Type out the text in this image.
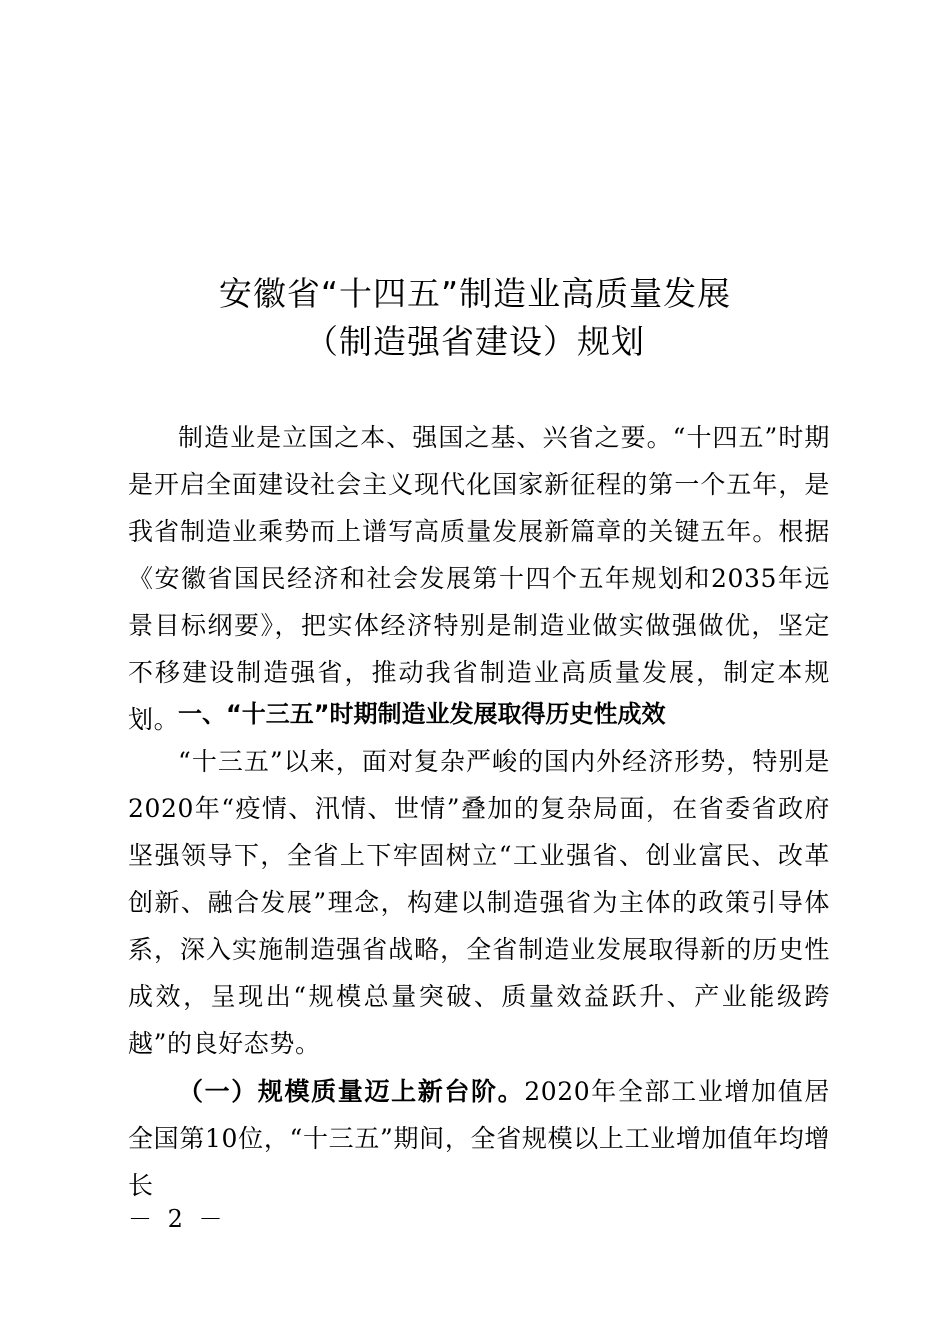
安徽省“十四五”制造业高质量发展
（制造强省建设）规划

制造业是立国之本、强国之基、兴省之要。“十四五”时期是开启全面建设社会主义现代化国家新征程的第一个五年，是我省制造业乘势而上谱写高质量发展新篇章的关键五年。根据《安徽省国民经济和社会发展第十四个五年规划和2035年远景目标纲要》，把实体经济特别是制造业做实做强做优，坚定不移建设制造强省，推动我省制造业高质量发展，制定本规划。

一、“十三五”时期制造业发展取得历史性成效

“十三五”以来，面对复杂严峻的国内外经济形势，特别是2020年“疫情、汛情、世情”叠加的复杂局面，在省委省政府坚强领导下，全省上下牢固树立“工业强省、创业富民、改革创新、融合发展”理念，构建以制造强省为主体的政策引导体系，深入实施制造强省战略，全省制造业发展取得新的历史性成效，呈现出“规模总量突破、质量效益跃升、产业能级跨越”的良好态势。

（一）规模质量迈上新台阶。2020年全部工业增加值居全国第10位，“十三五”期间，全省规模以上工业增加值年均增长

－ 2 －
